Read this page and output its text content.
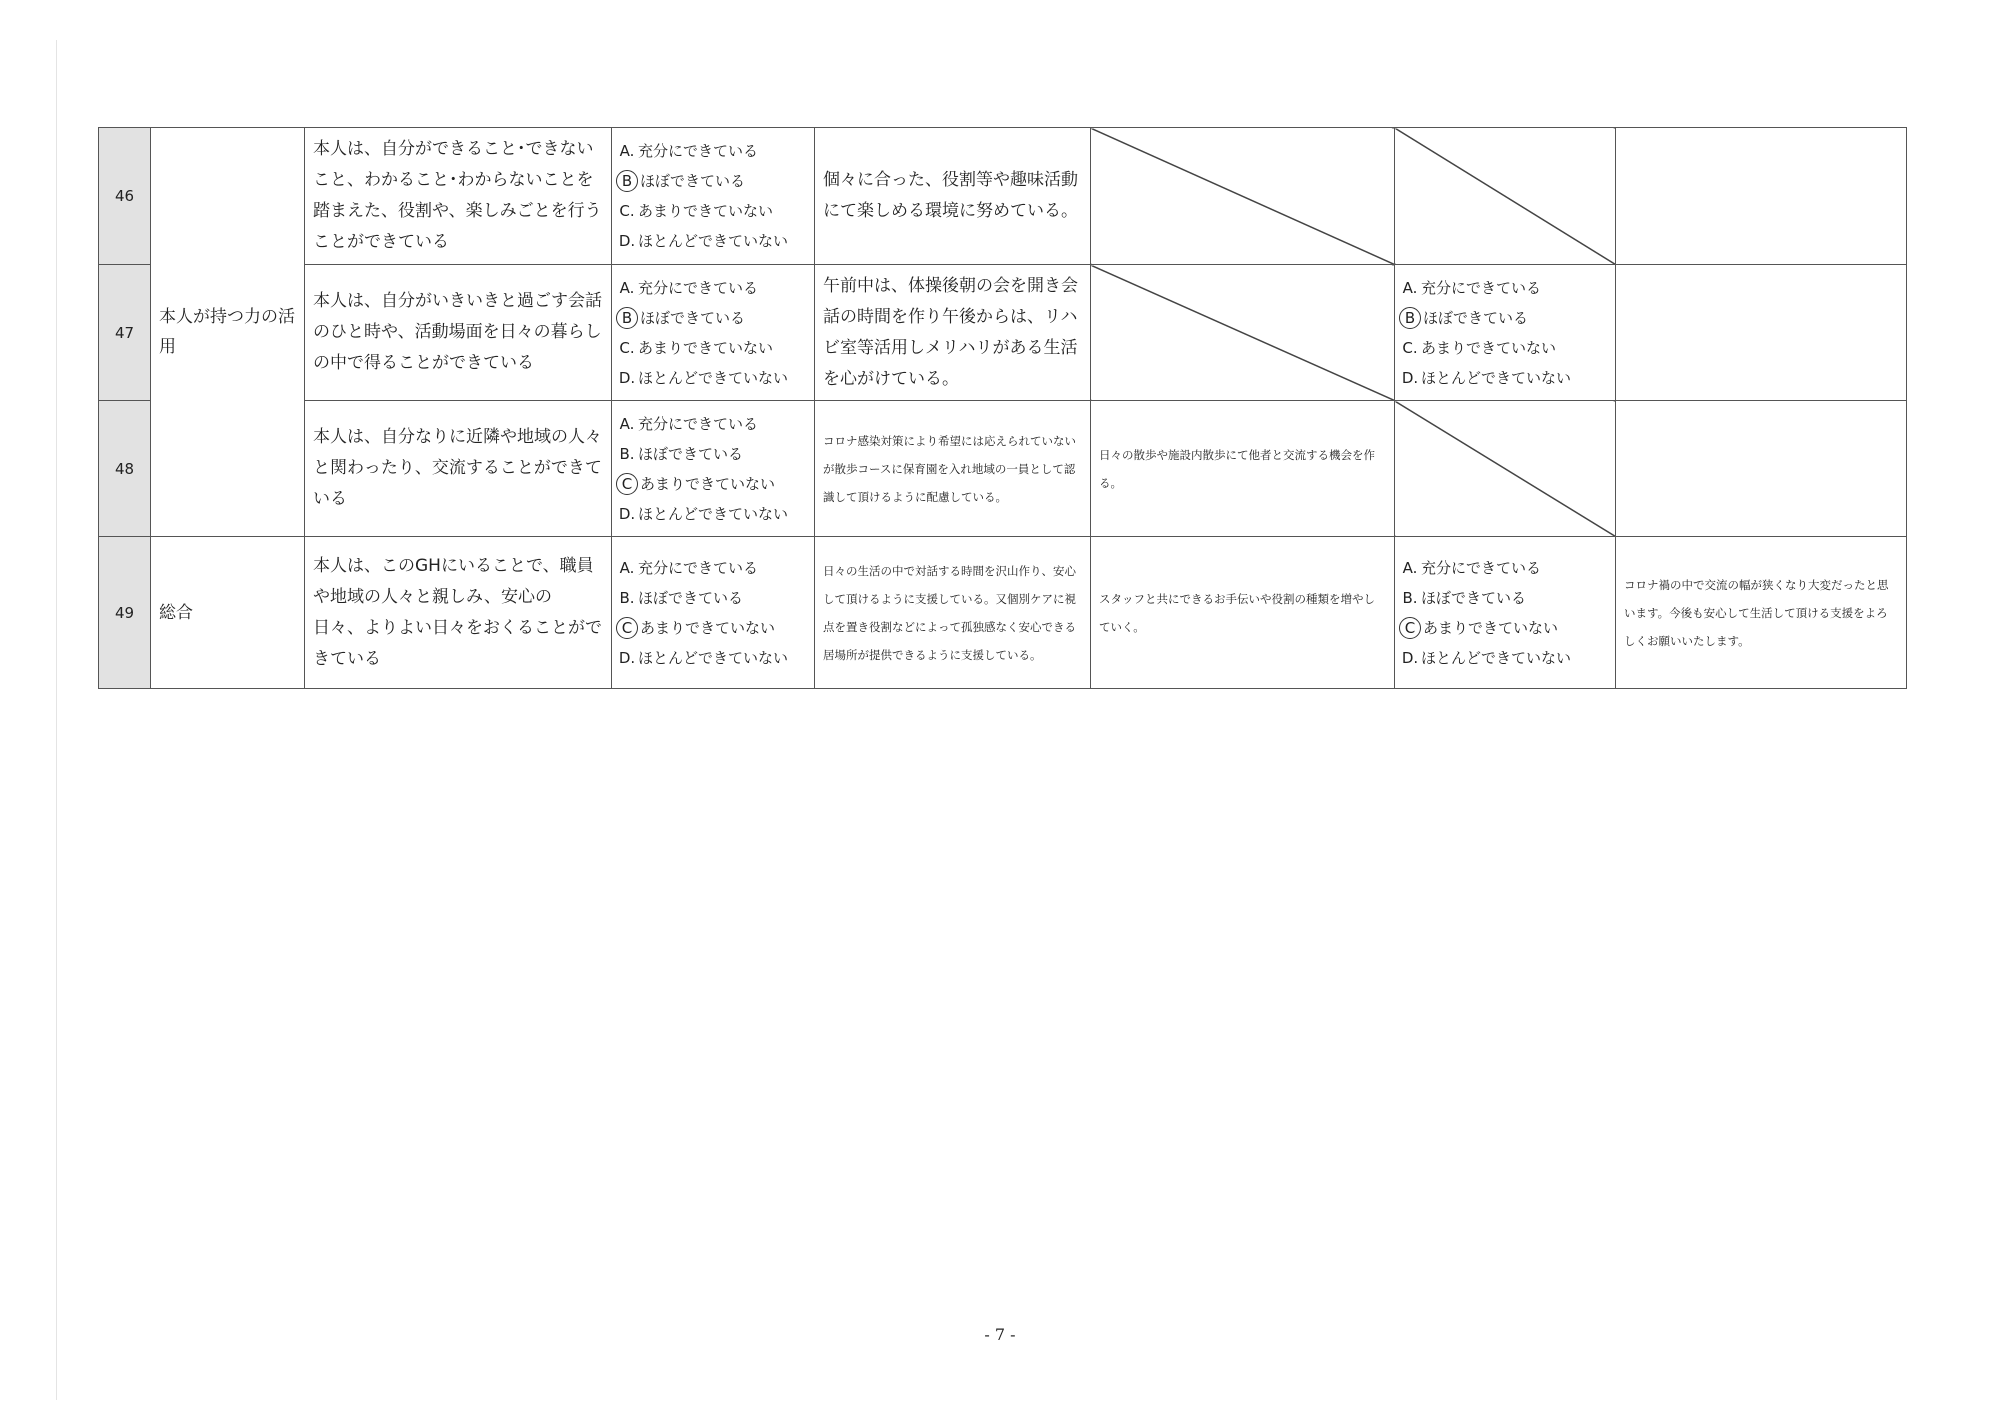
46	本人が持つ力の活用	本人は、自分ができること･できないこと、わかること･わからないことを踏まえた、役割や、楽しみごとを行うことができている	A . 充分にできている
B ほぼできている
C . あまりできていない
D . ほとんどできていない	個々に合った、役割等や趣味活動にて楽しめる環境に努めている。			
47		本人は、自分がいきいきと過ごす会話のひと時や、活動場面を日々の暮らしの中で得ることができている	A . 充分にできている
B ほぼできている
C . あまりできていない
D . ほとんどできていない	午前中は、体操後朝の会を開き会話の時間を作り午後からは、リハビ室等活用しメリハリがある生活を心がけている。		A . 充分にできている
B ほぼできている
C . あまりできていない
D . ほとんどできていない

48		本人は、自分なりに近隣や地域の人々と関わったり、交流することができている	A . 充分にできている
B . ほぼできている
C あまりできていない
D . ほとんどできていない	コロナ感染対策により希望には応えられていないが散歩コースに保育園を入れ地域の一員として認識して頂けるように配慮している。	日々の散歩や施設内散歩にて他者と交流する機会を作る。		
49	総合	本人は、このGHにいることで、職員や地域の人々と親しみ、安心の日々、よりよい日々をおくることができている	A . 充分にできている
B . ほぼできている
C あまりできていない
D . ほとんどできていない	日々の生活の中で対話する時間を沢山作り、安心して頂けるように支援している。又個別ケアに視点を置き役割などによって孤独感なく安心できる居場所が提供できるように支援している。	スタッフと共にできるお手伝いや役割の種類を増やしていく。	A . 充分にできている
B . ほぼできている
C あまりできていない
D . ほとんどできていない	コロナ禍の中で交流の幅が狭くなり大変だったと思います。今後も安心して生活して頂ける支援をよろしくお願いいたします。
- 7 -
